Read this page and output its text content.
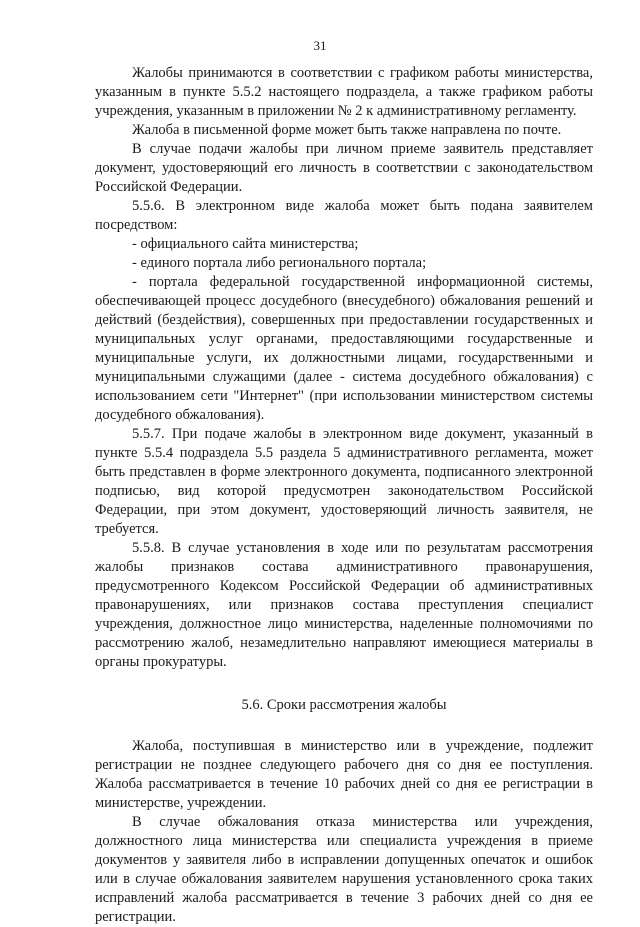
31

Жалобы принимаются в соответствии с графиком работы министерства, указанным в пункте 5.5.2 настоящего подраздела, а также графиком работы учреждения, указанным в приложении № 2 к административному регламенту.

Жалоба в письменной форме может быть также направлена по почте.

В случае подачи жалобы при личном приеме заявитель представляет документ, удостоверяющий его личность в соответствии с законодательством Российской Федерации.

5.5.6. В электронном виде жалоба может быть подана заявителем посредством:

- официального сайта министерства;

- единого портала либо регионального портала;

- портала федеральной государственной информационной системы, обеспечивающей процесс досудебного (внесудебного) обжалования решений и действий (бездействия), совершенных при предоставлении государственных и муниципальных услуг органами, предоставляющими государственные и муниципальные услуги, их должностными лицами, государственными и муниципальными служащими (далее - система досудебного обжалования) с использованием сети "Интернет" (при использовании министерством системы досудебного обжалования).

5.5.7. При подаче жалобы в электронном виде документ, указанный в пункте 5.5.4 подраздела 5.5 раздела 5 административного регламента, может быть представлен в форме электронного документа, подписанного электронной подписью, вид которой предусмотрен законодательством Российской Федерации, при этом документ, удостоверяющий личность заявителя, не требуется.

5.5.8. В случае установления в ходе или по результатам рассмотрения жалобы признаков состава административного правонарушения, предусмотренного Кодексом Российской Федерации об административных правонарушениях, или признаков состава преступления специалист учреждения, должностное лицо министерства, наделенные полномочиями по рассмотрению жалоб, незамедлительно направляют имеющиеся материалы в органы прокуратуры.

5.6. Сроки рассмотрения жалобы

Жалоба, поступившая в министерство или в учреждение, подлежит регистрации не позднее следующего рабочего дня со дня ее поступления. Жалоба рассматривается в течение 10 рабочих дней со дня ее регистрации в министерстве, учреждении.

В случае обжалования отказа министерства или учреждения, должностного лица министерства или специалиста учреждения в приеме документов у заявителя либо в исправлении допущенных опечаток и ошибок или в случае обжалования заявителем нарушения установленного срока таких исправлений жалоба рассматривается в течение 3 рабочих дней со дня ее регистрации.
